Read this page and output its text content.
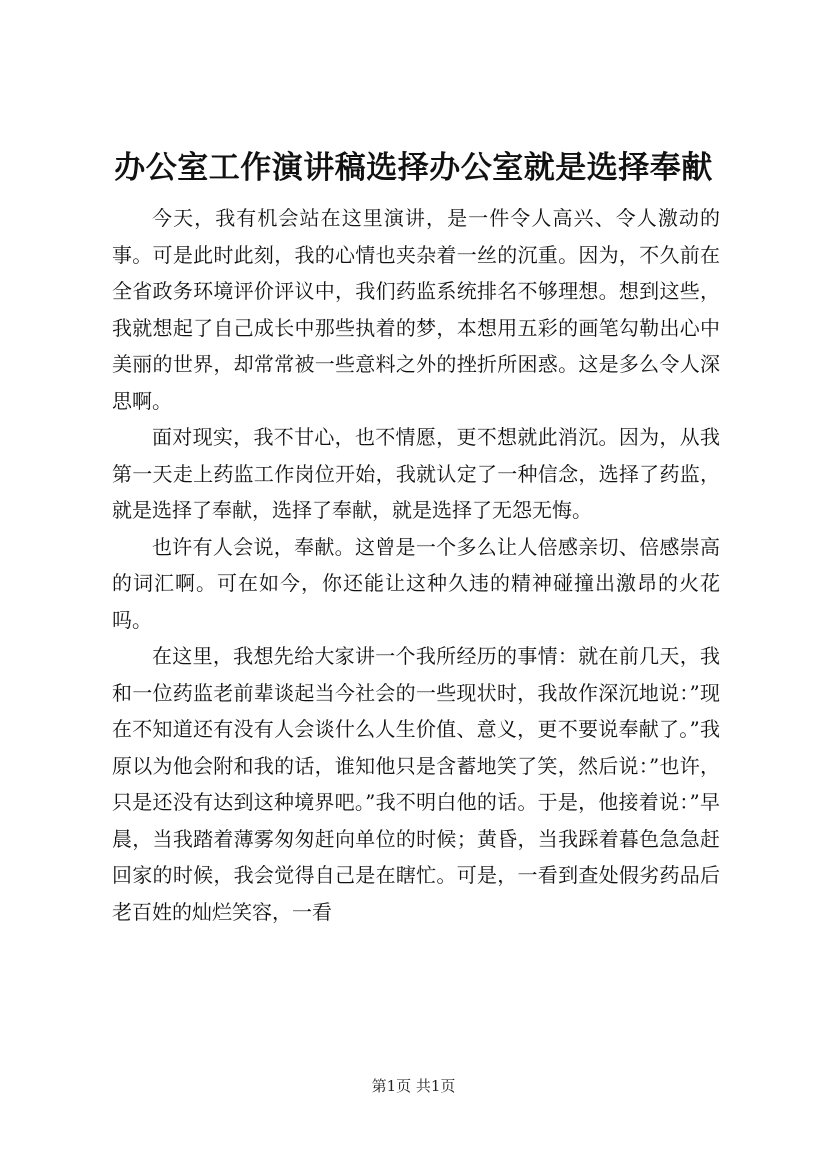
办公室工作演讲稿选择办公室就是选择奉献

今天，我有机会站在这里演讲，是一件令人高兴、令人激动的事。可是此时此刻，我的心情也夹杂着一丝的沉重。因为，不久前在全省政务环境评价评议中，我们药监系统排名不够理想。想到这些，我就想起了自己成长中那些执着的梦，本想用五彩的画笔勾勒出心中美丽的世界，却常常被一些意料之外的挫折所困惑。这是多么令人深思啊。

面对现实，我不甘心，也不情愿，更不想就此消沉。因为，从我第一天走上药监工作岗位开始，我就认定了一种信念，选择了药监，就是选择了奉献，选择了奉献，就是选择了无怨无悔。

也许有人会说，奉献。这曾是一个多么让人倍感亲切、倍感崇高的词汇啊。可在如今，你还能让这种久违的精神碰撞出激昂的火花吗。

在这里，我想先给大家讲一个我所经历的事情：就在前几天，我和一位药监老前辈谈起当今社会的一些现状时，我故作深沉地说：”现在不知道还有没有人会谈什么人生价值、意义，更不要说奉献了。”我原以为他会附和我的话，谁知他只是含蓄地笑了笑，然后说：”也许，只是还没有达到这种境界吧。”我不明白他的话。于是，他接着说：”早晨，当我踏着薄雾匆匆赶向单位的时候；黄昏，当我踩着暮色急急赶回家的时候，我会觉得自己是在瞎忙。可是，一看到查处假劣药品后老百姓的灿烂笑容，一看

第1页 共1页
